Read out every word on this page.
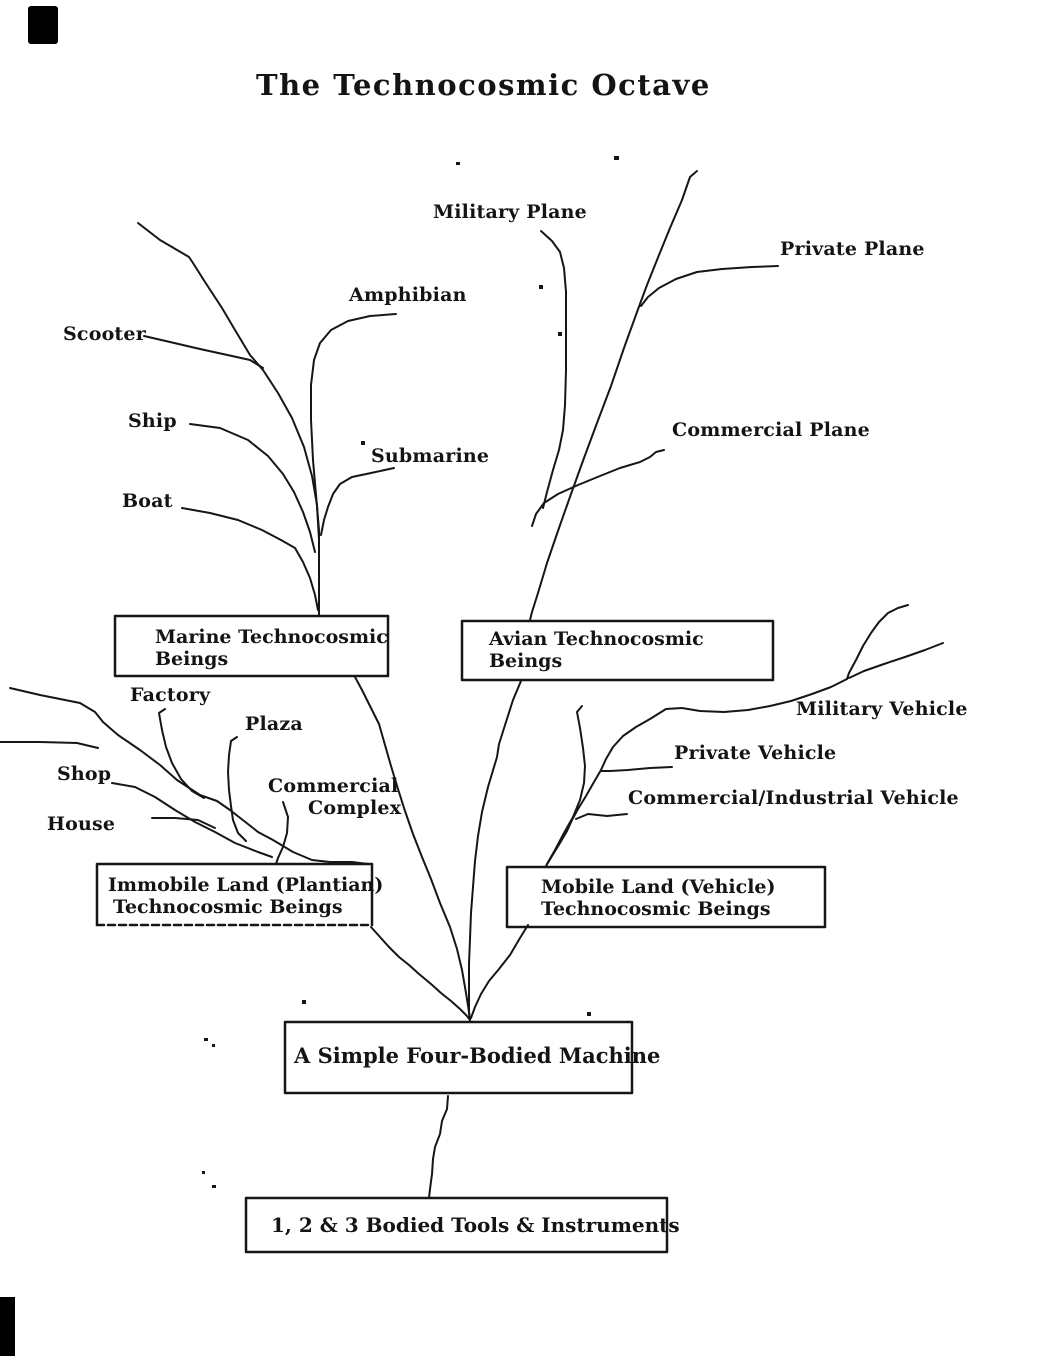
The Technocosmic Octave
Scooter
Ship
Boat
Amphibian
Submarine
Military Plane
Private Plane
Commercial Plane
Factory
Plaza
Shop
House
Commercial
Complex
Military Vehicle
Private Vehicle
Commercial/Industrial Vehicle
Marine Technocosmic
Beings
Avian Technocosmic
Beings
Immobile Land (Plantian)
Technocosmic Beings
Mobile Land (Vehicle)
Technocosmic Beings
A Simple Four-Bodied Machine
1, 2 & 3 Bodied Tools & Instruments
